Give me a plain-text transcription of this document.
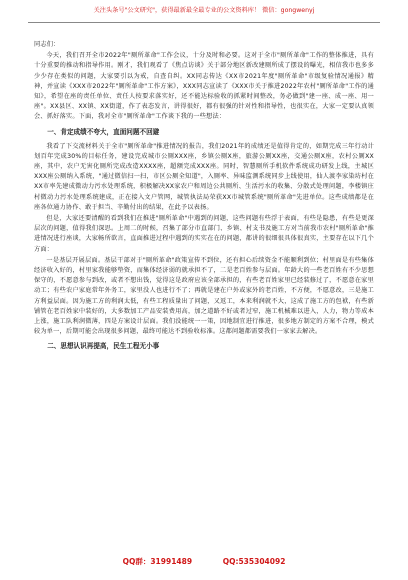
关注头条号"公文研究"，获得最新最全最专业的公文资料库！ 微信：gongwenyj

同志们：

今天，我们召开全市2022年"厕所革命"工作会议，十分及时和必要。这对于全市"厕所革命"工作的整体推进，具有十分重要的推动和指导作用。刚才，我们观看了《焦点访谈》关于部分地区新改建厕所成了摆设的曝光，相信我市也多多少少存在类似的问题，大家要引以为戒，自查自纠。XX同志传达《XX市2021年度"厕所革命"市级复验情况通报》精神，并宣读《XXX市2022年"厕所革命"工作方案》，XXX同志宣读了《XXX市关于推进2022年农村"厕所革命"工作的通知》，希望在座的责任单位、责任人按要求落实好，还不能达标验收的抓紧时间整改，务必做到"建一座、成一座、用一座"。XX县区、XX镇、XX街道，作了表态发言，讲得很好，都有很强的针对性和指导性，也很实在，大家一定要认真领会、抓好落实。下面，我对全市"厕所革命"工作谈下我的一些想法：

一、肯定成绩不夸大，直面问题不回避

我看了下交流材料关于全市"厕所革命"推进情况的报告，我们2021年的成绩还是值得肯定的，如期完成三年行动计划百年完成30%的目标任务，建设完成城市公厕XXX座，乡镇公厕X座，旅游公厕XX座，交通公厕X座，农村公厕XX座，其中，农户无害化厕所完成改造XXXX座，超额完成XXX座。同时，智慧厕所手机软件系统成功研发上线，主城区XXX座公厕纳入系统，"通过微信扫一扫，市区公厕全知道"，入厕率、异味监测系统同步上线使用，仙人渡李家染坊村在XX市率先建成微动力污水处理系统，积极解决XX家农户和周边公共厕所、生活污水的收集、分散式处理问题，李楼镇庄村微动力污水处理系统建成，正在接入文户管网，城管执法局荣获XX市城管系统"厕所革命"先进单位。这些成绩都是在座各位通力协作、敢于担当、辛勤付出的结果，在此予以表扬。

但是，大家还要清醒的看到我们在推进"厕所革命"中遇到的问题，这些问题有些浮于表面，有些是隐患，有些是更深层次的问题，值得我们深思。上周二的时候，召集了部分市直部门、乡镇、村支书及施工方对当前我市农村"厕所革命"推进情况进行座谈，大家畅所欲言，直面推进过程中遇到的实实在在的问题，都讲的很细很具体很真实，主要存在以下几个方面：

一是基层开展层面。基层干部对于"厕所革命"政策宣传不到位，还有担心后续资金不能顺利到位；村里面是有些集体经济收入好的，村里家我能够垫资，而集体经济弱的就承担不了，二是老百姓参与层面。年龄大的一些老百姓有不少思想保守的，不愿意参与到改，或者不想出钱，觉得这是政府应该全部承担的，有些老百姓家里已经装修过了，不愿意在家里动工；有些农户家庭常年外务工，家里没人也进行不了；再就是建在户外或家外的老百姓，不方便，不愿意改，三是施工方利益层面。因为施工方的利润太低，有些工程质量出了问题，又返工，本来利润就不大，这成了施工方的包袱，有些新铺管在老百姓家中装好的，大多数加工产品安装费用高，加之道路不好或者过窄，施工机械难以进入，人力，物力等成本上涨，施工队利润微薄，四是方案设计层面。我们没能统一一策，因地制宜进行推进，很多地方制定的方案不合理，模式较为单一，后期可能会出现很多问题，最终可能达不到验收标准。这都问题都需要我们一家家去解决。

二、思想认识再提高，民生工程无小事
QQ群：31991489	QQ:535304092
